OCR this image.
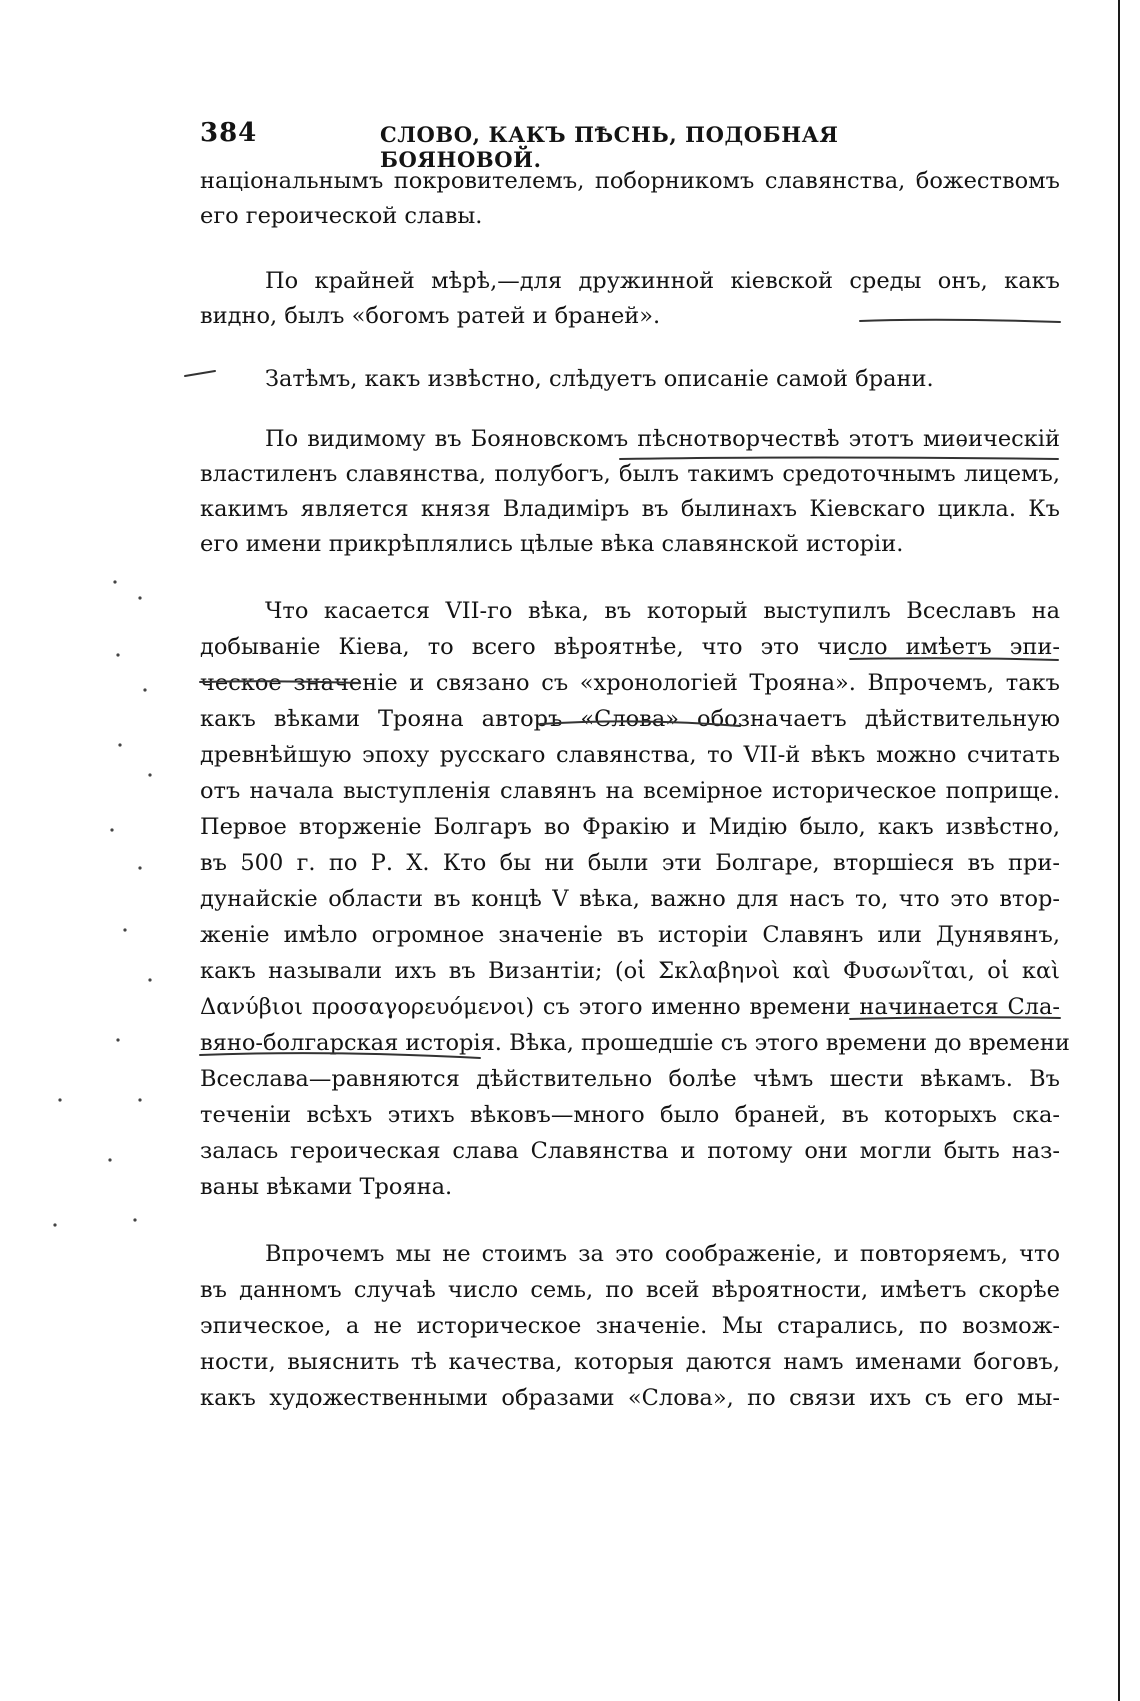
384	СЛОВО, КАКЪ ПѢСНЬ, ПОДОБНАЯ БОЯНОВОЙ.
національнымъ покровителемъ, поборникомъ славянства, божествомъ
его героической славы.
По крайней мѣрѣ,—для дружинной кіевской среды онъ, какъ
видно, былъ «богомъ ратей и браней».
Затѣмъ, какъ извѣстно, слѣдуетъ описаніе самой брани.
По видимому въ Бояновскомъ пѣснотворчествѣ этотъ миѳическій
властиленъ славянства, полубогъ, былъ такимъ средоточнымъ лицемъ,
какимъ является князя Владиміръ въ былинахъ Кіевскаго цикла. Къ
его имени прикрѣплялись цѣлые вѣка славянской исторіи.
Что касается VII-го вѣка, въ который выступилъ Всеславъ на
добываніе Кіева, то всего вѣроятнѣе, что это число имѣетъ эпи-
ческое значеніе и связано съ «хронологіей Трояна». Впрочемъ, такъ
какъ вѣками Трояна авторъ «Слова» обозначаетъ дѣйствительную
древнѣйшую эпоху русскаго славянства, то VII-й вѣкъ можно считать
отъ начала выступленія славянъ на всемірное историческое поприще.
Первое вторженіе Болгаръ во Фракію и Мидію было, какъ извѣстно,
въ 500 г. по Р. Х. Кто бы ни были эти Болгаре, вторшіеся въ при-
дунайскіе области въ концѣ V вѣка, важно для насъ то, что это втор-
женіе имѣло огромное значеніе въ исторіи Славянъ или Дунявянъ,
какъ называли ихъ въ Византіи; (οἱ Σκλαβηνοὶ καὶ Φυσωνῖται, οἱ καὶ
Δανύβιοι προσαγορευόμενοι) съ этого именно времени начинается Сла-
вяно-болгарская исторія. Вѣка, прошедшіе съ этого времени до времени
Всеслава—равняются дѣйствительно болѣе чѣмъ шести вѣкамъ. Въ
теченіи всѣхъ этихъ вѣковъ—много было браней, въ которыхъ ска-
залась героическая слава Славянства и потому они могли быть наз-
ваны вѣками Трояна.
Впрочемъ мы не стоимъ за это соображеніе, и повторяемъ, что
въ данномъ случаѣ число семь, по всей вѣроятности, имѣетъ скорѣе
эпическое, а не историческое значеніе. Мы старались, по возмож-
ности, выяснить тѣ качества, которыя даются намъ именами боговъ,
какъ художественными образами «Слова», по связи ихъ съ его мы-
